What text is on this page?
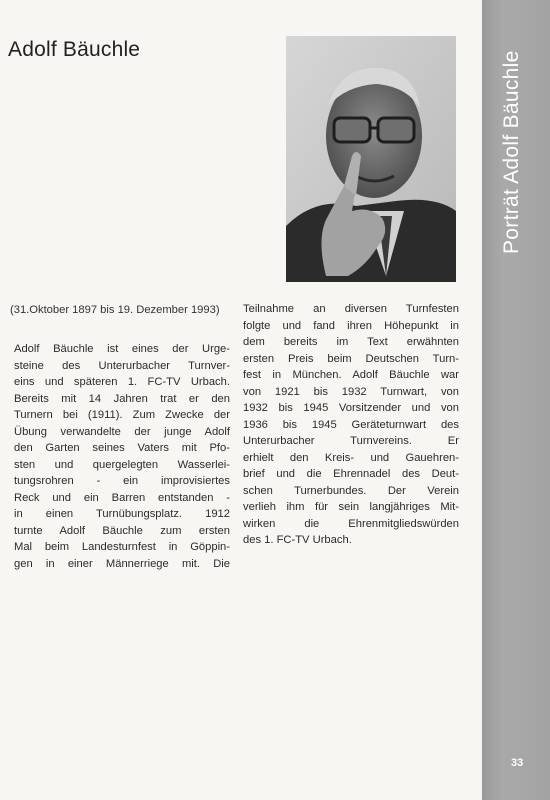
Adolf Bäuchle
(31.Oktober 1897 bis 19. Dezember 1993)
Adolf Bäuchle ist eines der Urge-
steine des Unterurbacher Turnver-
eins und späteren 1. FC-TV Urbach.
Bereits mit 14 Jahren trat er den
Turnern bei (1911). Zum Zwecke der
Übung verwandelte der junge Adolf
den Garten seines Vaters mit Pfo-
sten und quergelegten Wasserlei-
tungsrohren - ein improvisiertes
Reck und ein Barren entstanden -
in einen Turnübungsplatz. 1912
turnte Adolf Bäuchle zum ersten
Mal beim Landesturnfest in Göppin-
gen in einer Männerriege mit. Die
Teilnahme an diversen Turnfesten
folgte und fand ihren Höhepunkt in
dem bereits im Text erwähnten
ersten Preis beim Deutschen Turn-
fest in München. Adolf Bäuchle war
von 1921 bis 1932 Turnwart, von
1932 bis 1945 Vorsitzender und von
1936 bis 1945 Geräteturnwart des
Unterurbacher Turnvereins. Er
erhielt den Kreis- und Gauehren-
brief und die Ehrennadel des Deut-
schen Turnerbundes. Der Verein
verlieh ihm für sein langjähriges Mit-
wirken die Ehrenmitgliedswürden
des 1. FC-TV Urbach.
Porträt Adolf Bäuchle
33
